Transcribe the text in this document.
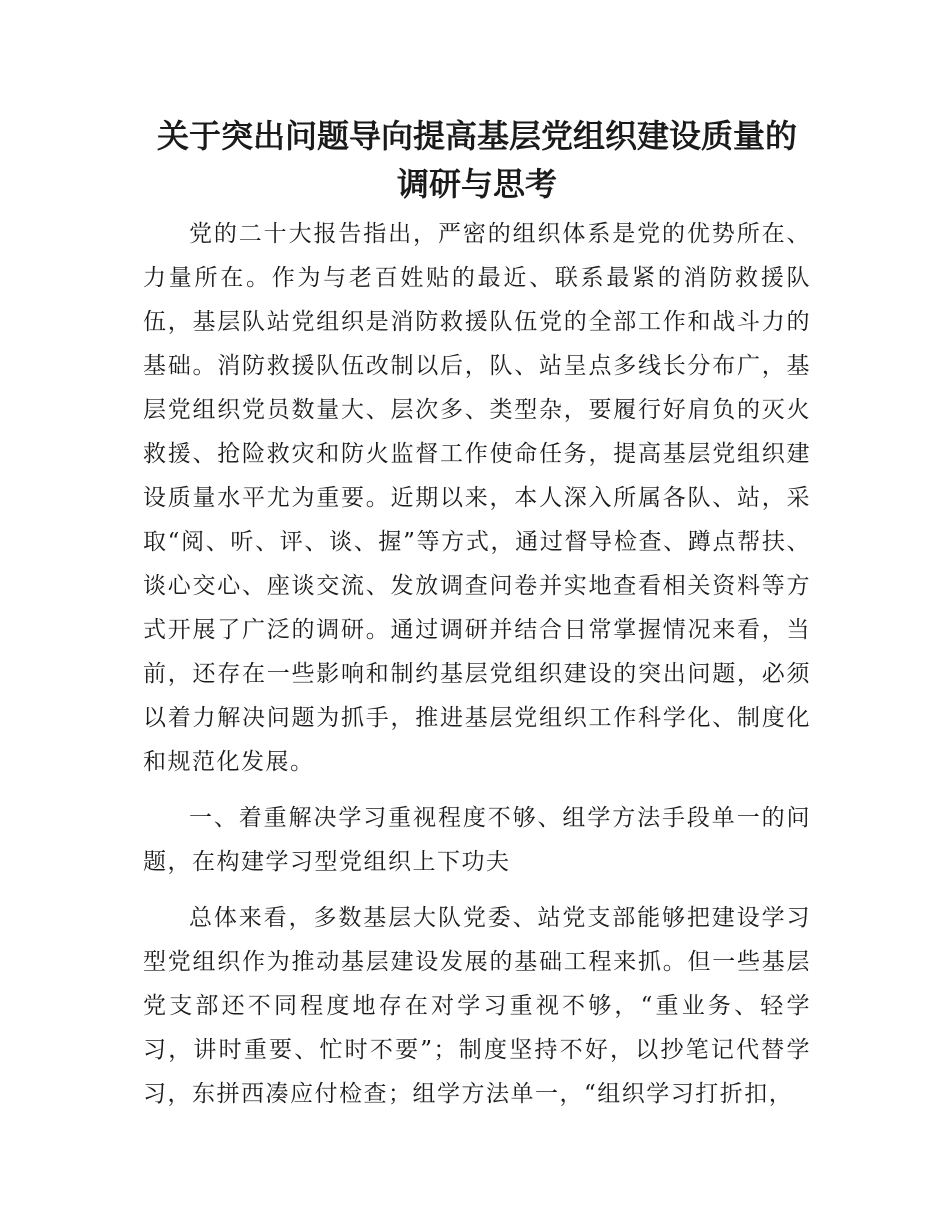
关于突出问题导向提高基层党组织建设质量的
调研与思考

党的二十大报告指出，严密的组织体系是党的优势所在、力量所在。作为与老百姓贴的最近、联系最紧的消防救援队伍，基层队站党组织是消防救援队伍党的全部工作和战斗力的基础。消防救援队伍改制以后，队、站呈点多线长分布广，基层党组织党员数量大、层次多、类型杂，要履行好肩负的灭火救援、抢险救灾和防火监督工作使命任务，提高基层党组织建设质量水平尤为重要。近期以来，本人深入所属各队、站，采取“阅、听、评、谈、握”等方式，通过督导检查、蹲点帮扶、谈心交心、座谈交流、发放调查问卷并实地查看相关资料等方式开展了广泛的调研。通过调研并结合日常掌握情况来看，当前，还存在一些影响和制约基层党组织建设的突出问题，必须以着力解决问题为抓手，推进基层党组织工作科学化、制度化和规范化发展。

一、着重解决学习重视程度不够、组学方法手段单一的问题，在构建学习型党组织上下功夫

总体来看，多数基层大队党委、站党支部能够把建设学习型党组织作为推动基层建设发展的基础工程来抓。但一些基层党支部还不同程度地存在对学习重视不够，“重业务、轻学习，讲时重要、忙时不要”；制度坚持不好，以抄笔记代替学习，东拼西凑应付检查；组学方法单一，“组织学习打折扣，
